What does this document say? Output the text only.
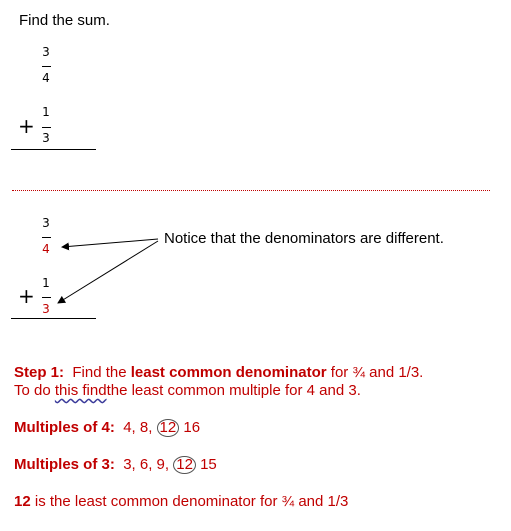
Find the sum.
3
4
+
1
3
3
4
+
1
3
Notice that the denominators are different.
Step 1: Find the least common denominator for ¾ and 1/3.
To do this findthe least common multiple for 4 and 3.
Multiples of 4: 4, 8, 12 16
Multiples of 3: 3, 6, 9, 12 15
12 is the least common denominator for ¾ and 1/3
